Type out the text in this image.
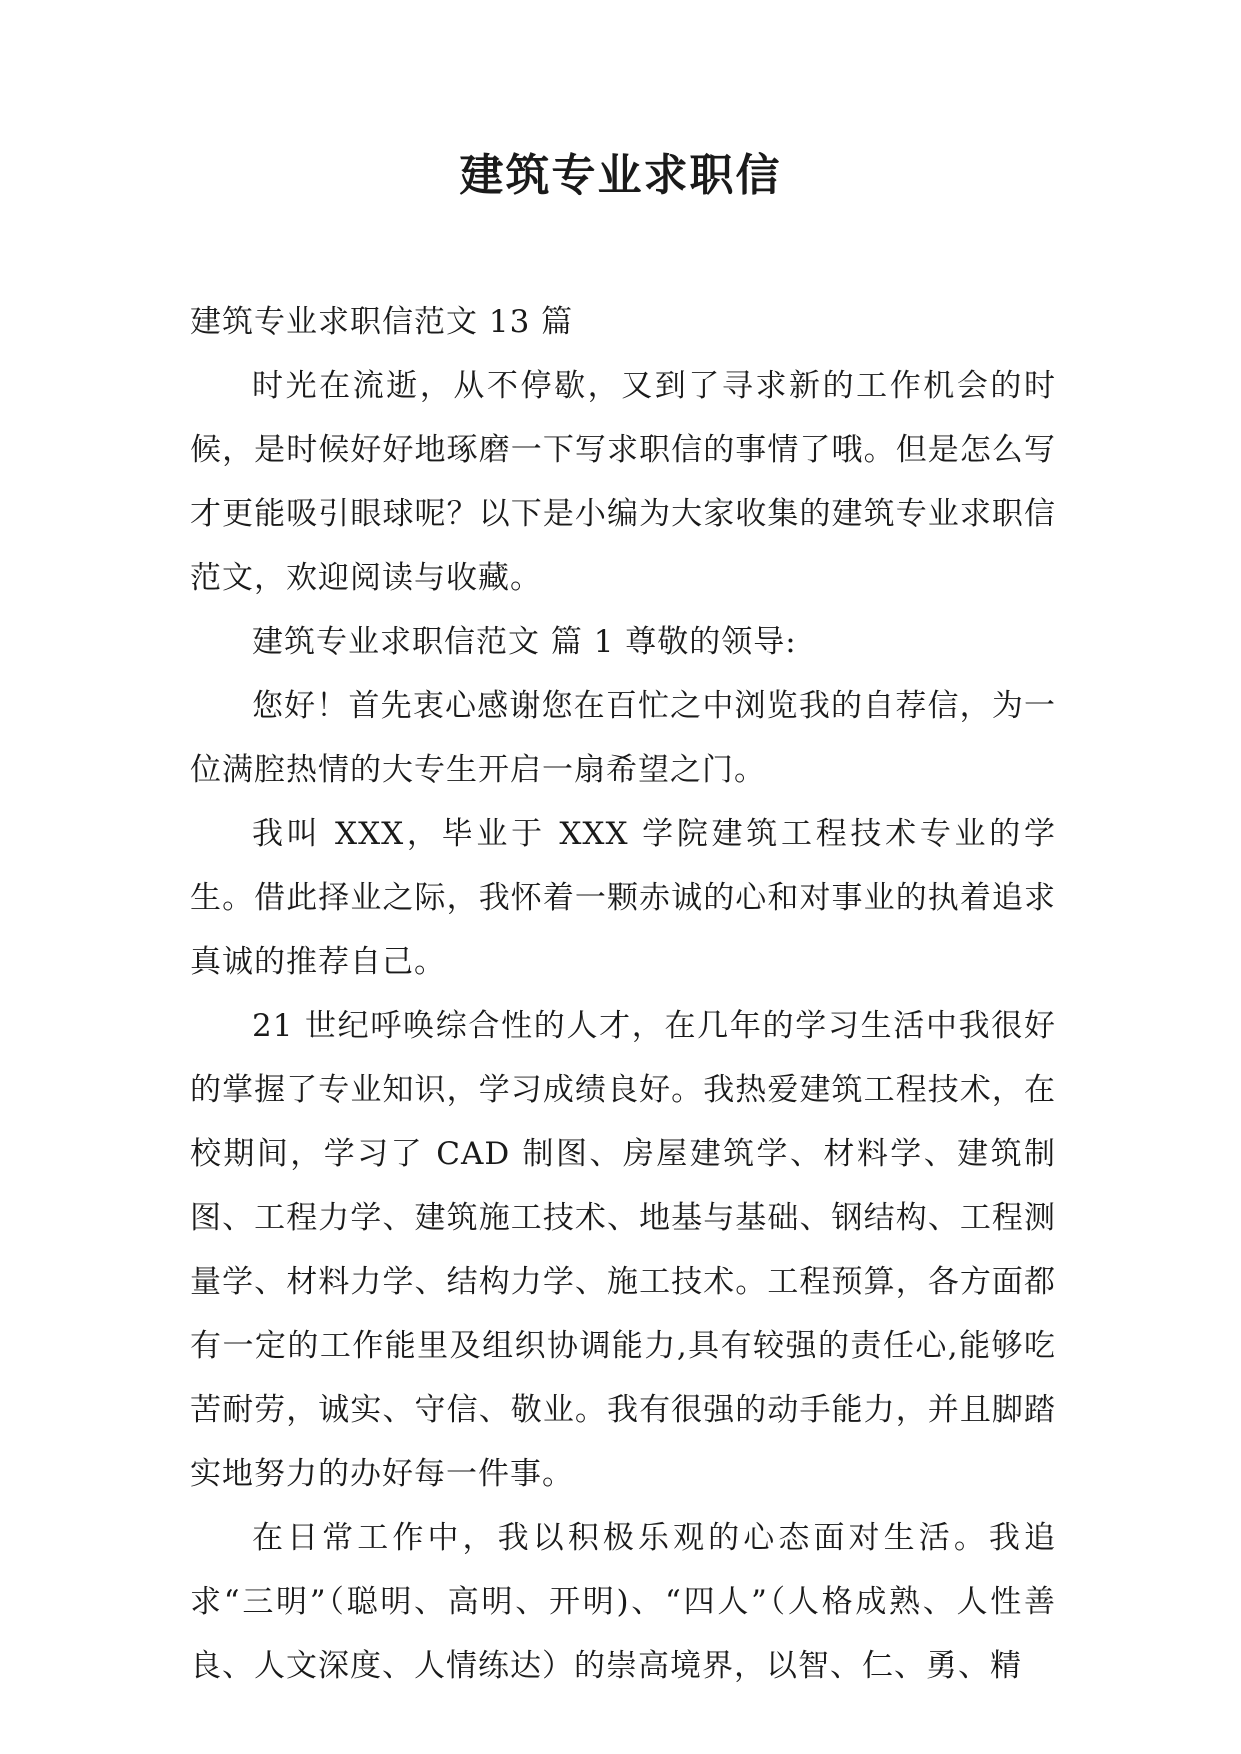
建筑专业求职信

建筑专业求职信范文 13 篇

时光在流逝，从不停歇，又到了寻求新的工作机会的时候，是时候好好地琢磨一下写求职信的事情了哦。但是怎么写才更能吸引眼球呢？以下是小编为大家收集的建筑专业求职信范文，欢迎阅读与收藏。

建筑专业求职信范文 篇 1 尊敬的领导:

您好！首先衷心感谢您在百忙之中浏览我的自荐信，为一位满腔热情的大专生开启一扇希望之门。

我叫 XXX，毕业于 XXX 学院建筑工程技术专业的学生。借此择业之际，我怀着一颗赤诚的心和对事业的执着追求真诚的推荐自己。

21 世纪呼唤综合性的人才，在几年的学习生活中我很好的掌握了专业知识，学习成绩良好。我热爱建筑工程技术，在校期间，学习了 CAD 制图、房屋建筑学、材料学、建筑制图、工程力学、建筑施工技术、地基与基础、钢结构、工程测量学、材料力学、结构力学、施工技术。工程预算，各方面都有一定的工作能里及组织协调能力,具有较强的责任心,能够吃苦耐劳，诚实、守信、敬业。我有很强的动手能力，并且脚踏实地努力的办好每一件事。

在日常工作中，我以积极乐观的心态面对生活。我追求“三明”（聪明、高明、开明)、“四人”（人格成熟、人性善良、人文深度、人情练达）的崇高境界，以智、仁、勇、精
